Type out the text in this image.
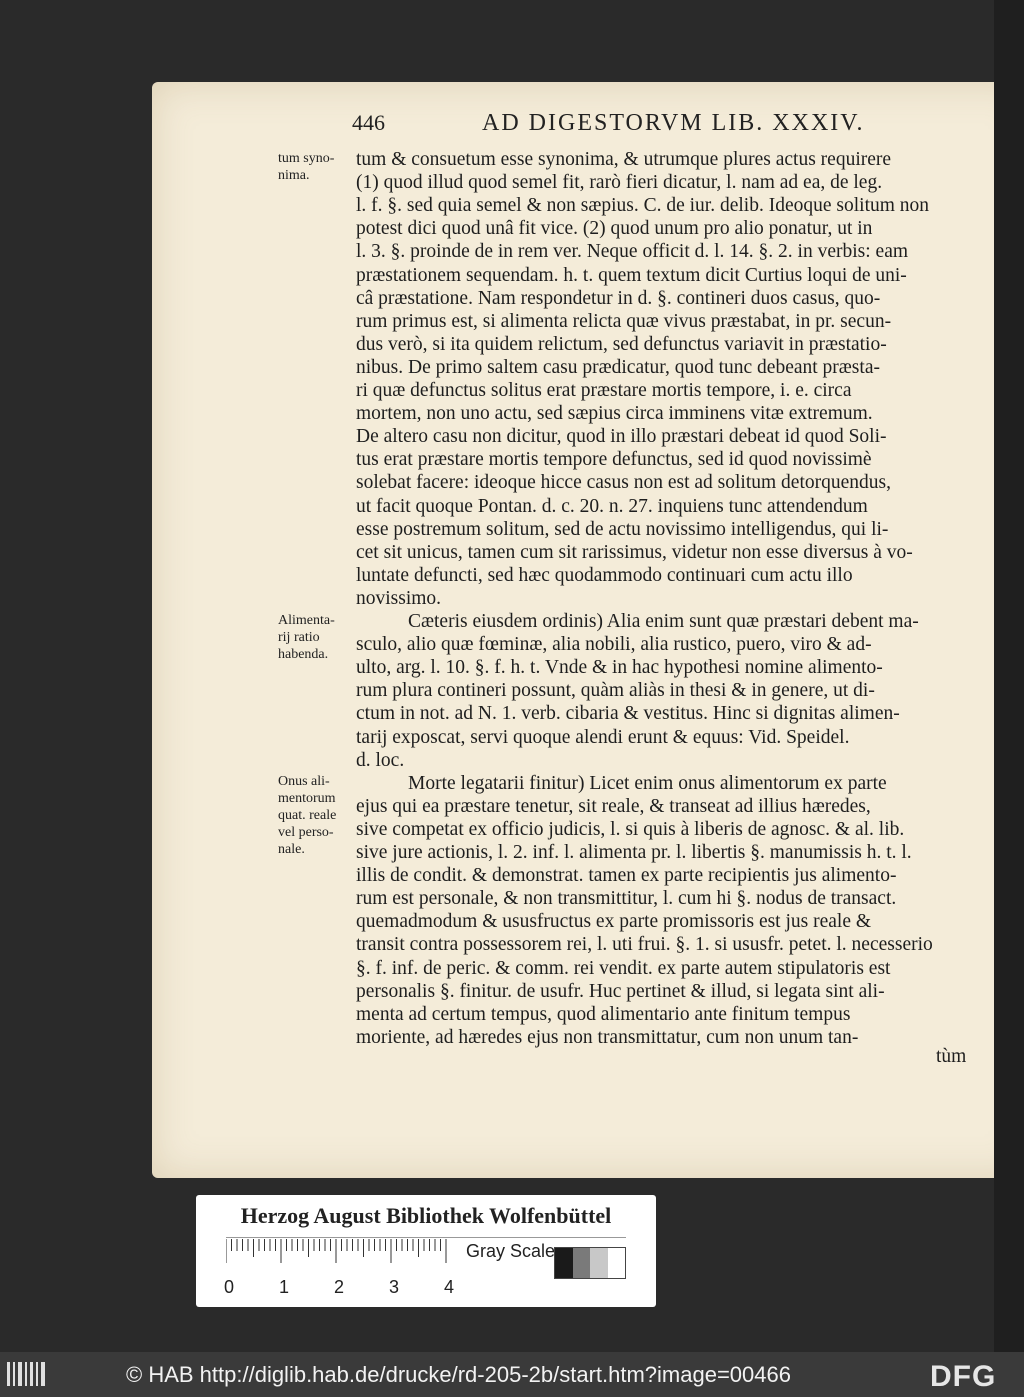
446	AD DIGESTORVM LIB. XXXIV.
tum syno-
nima.
Alimenta-
rij ratio
habenda.
Onus ali-
mentorum
quat. reale
vel perso-
nale.
tum & consuetum esse synonima, & utrumque plures actus requirere
(1) quod illud quod semel fit, rarò fieri dicatur, l. nam ad ea, de leg.
l. f. §. sed quia semel & non sæpius. C. de iur. delib. Ideoque solitum non
potest dici quod unâ fit vice. (2) quod unum pro alio ponatur, ut in
l. 3. §. proinde de in rem ver. Neque officit d. l. 14. §. 2. in verbis: eam
præstationem sequendam. h. t. quem textum dicit Curtius loqui de uni-
câ præstatione. Nam respondetur in d. §. contineri duos casus, quo-
rum primus est, si alimenta relicta quæ vivus præstabat, in pr. secun-
dus verò, si ita quidem relictum, sed defunctus variavit in præstatio-
nibus. De primo saltem casu prædicatur, quod tunc debeant præsta-
ri quæ defunctus solitus erat præstare mortis tempore, i. e. circa
mortem, non uno actu, sed sæpius circa imminens vitæ extremum.
De altero casu non dicitur, quod in illo præstari debeat id quod Soli-
tus erat præstare mortis tempore defunctus, sed id quod novissimè
solebat facere: ideoque hicce casus non est ad solitum detorquendus,
ut facit quoque Pontan. d. c. 20. n. 27. inquiens tunc attendendum
esse postremum solitum, sed de actu novissimo intelligendus, qui li-
cet sit unicus, tamen cum sit rarissimus, videtur non esse diversus à vo-
luntate defuncti, sed hæc quodammodo continuari cum actu illo
novissimo.
Cæteris eiusdem ordinis) Alia enim sunt quæ præstari debent ma-
sculo, alio quæ fœminæ, alia nobili, alia rustico, puero, viro & ad-
ulto, arg. l. 10. §. f. h. t. Vnde & in hac hypothesi nomine alimento-
rum plura contineri possunt, quàm aliàs in thesi & in genere, ut di-
ctum in not. ad N. 1. verb. cibaria & vestitus. Hinc si dignitas alimen-
tarij exposcat, servi quoque alendi erunt & equus: Vid. Speidel.
d. loc.
Morte legatarii finitur) Licet enim onus alimentorum ex parte
ejus qui ea præstare tenetur, sit reale, & transeat ad illius hæredes,
sive competat ex officio judicis, l. si quis à liberis de agnosc. & al. lib.
sive jure actionis, l. 2. inf. l. alimenta pr. l. libertis §. manumissis h. t. l.
illis de condit. & demonstrat. tamen ex parte recipientis jus alimento-
rum est personale, & non transmittitur, l. cum hi §. nodus de transact.
quemadmodum & ususfructus ex parte promissoris est jus reale &
transit contra possessorem rei, l. uti frui. §. 1. si ususfr. petet. l. necesserio
§. f. inf. de peric. & comm. rei vendit. ex parte autem stipulatoris est
personalis §. finitur. de usufr. Huc pertinet & illud, si legata sint ali-
menta ad certum tempus, quod alimentario ante finitum tempus
moriente, ad hæredes ejus non transmittatur, cum non unum tan-
tùm
Herzog August Bibliothek Wolfenbüttel
Gray Scale
0 1 2 3 4
© HAB http://diglib.hab.de/drucke/rd-205-2b/start.htm?image=00466	DFG
